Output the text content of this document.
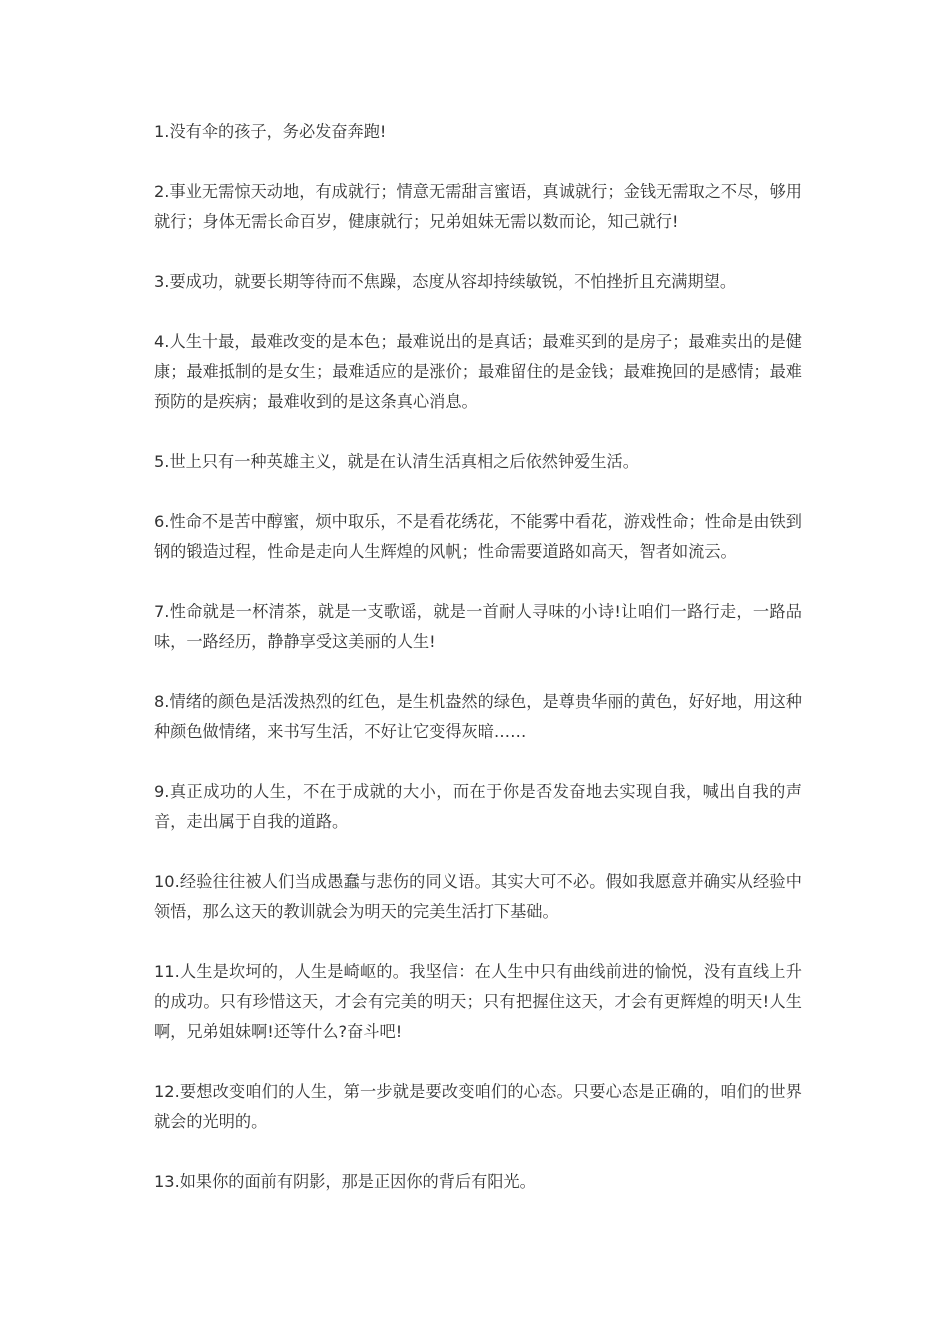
1.没有伞的孩子，务必发奋奔跑!

2.事业无需惊天动地，有成就行；情意无需甜言蜜语，真诚就行；金钱无需取之不尽，够用就行；身体无需长命百岁，健康就行；兄弟姐妹无需以数而论，知己就行!

3.要成功，就要长期等待而不焦躁，态度从容却持续敏锐，不怕挫折且充满期望。

4.人生十最，最难改变的是本色；最难说出的是真话；最难买到的是房子；最难卖出的是健康；最难抵制的是女生；最难适应的是涨价；最难留住的是金钱；最难挽回的是感情；最难预防的是疾病；最难收到的是这条真心消息。

5.世上只有一种英雄主义，就是在认清生活真相之后依然钟爱生活。

6.性命不是苦中醇蜜，烦中取乐，不是看花绣花，不能雾中看花，游戏性命；性命是由铁到钢的锻造过程，性命是走向人生辉煌的风帆；性命需要道路如高天，智者如流云。

7.性命就是一杯清茶，就是一支歌谣，就是一首耐人寻味的小诗!让咱们一路行走，一路品味，一路经历，静静享受这美丽的人生!

8.情绪的颜色是活泼热烈的红色，是生机盎然的绿色，是尊贵华丽的黄色，好好地，用这种种颜色做情绪，来书写生活，不好让它变得灰暗……

9.真正成功的人生，不在于成就的大小，而在于你是否发奋地去实现自我，喊出自我的声音，走出属于自我的道路。

10.经验往往被人们当成愚蠢与悲伤的同义语。其实大可不必。假如我愿意并确实从经验中领悟，那么这天的教训就会为明天的完美生活打下基础。

11.人生是坎坷的，人生是崎岖的。我坚信：在人生中只有曲线前进的愉悦，没有直线上升的成功。只有珍惜这天，才会有完美的明天；只有把握住这天，才会有更辉煌的明天!人生啊，兄弟姐妹啊!还等什么?奋斗吧!

12.要想改变咱们的人生，第一步就是要改变咱们的心态。只要心态是正确的，咱们的世界就会的光明的。

13.如果你的面前有阴影，那是正因你的背后有阳光。
